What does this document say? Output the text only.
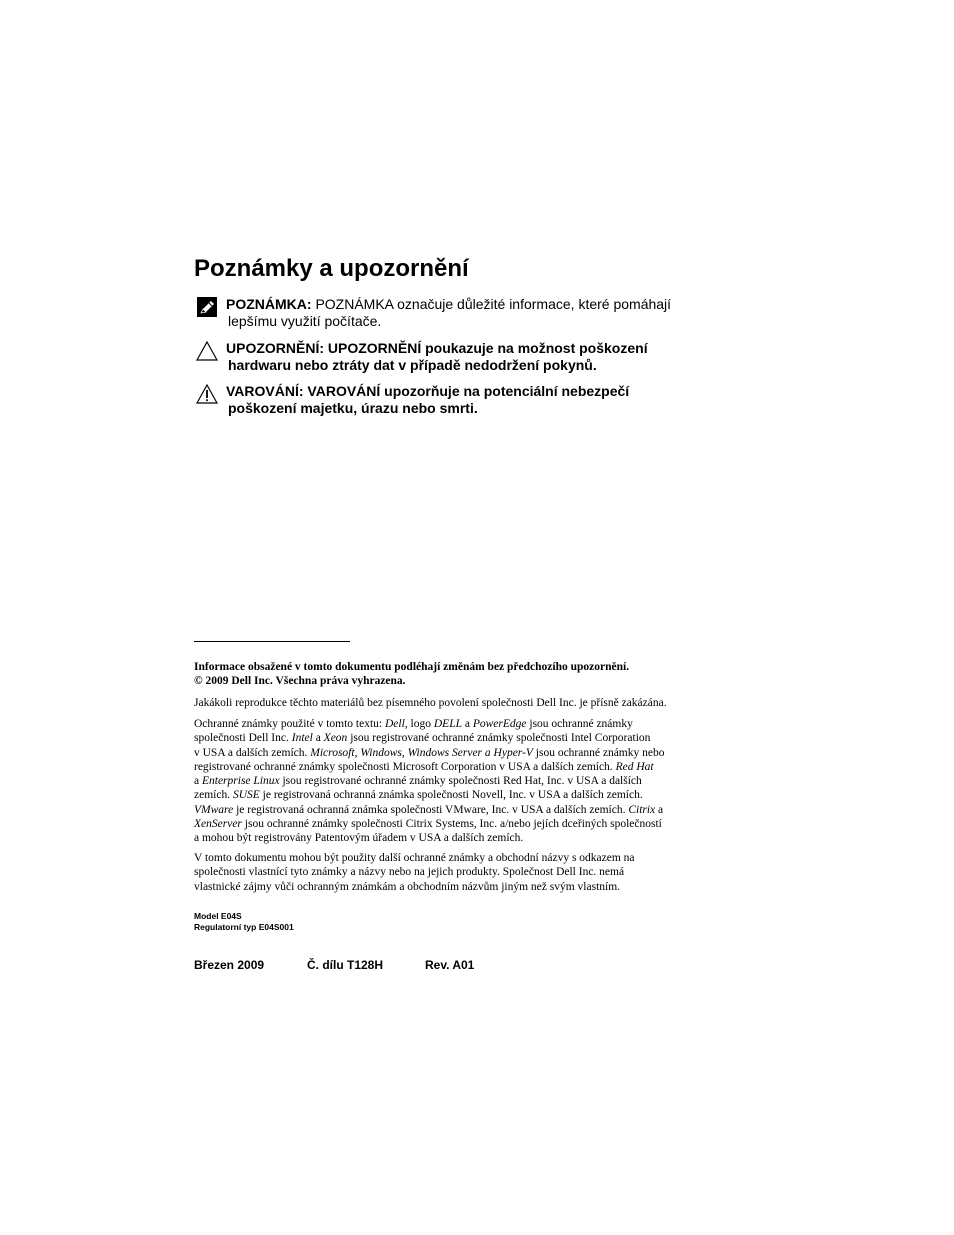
Poznámky a upozornění
POZNÁMKA: POZNÁMKA označuje důležité informace, které pomáhají
lepšímu využití počítače.
UPOZORNĚNÍ: UPOZORNĚNÍ poukazuje na možnost poškození
hardwaru nebo ztráty dat v případě nedodržení pokynů.
VAROVÁNÍ: VAROVÁNÍ upozorňuje na potenciální nebezpečí
poškození majetku, úrazu nebo smrti.
Informace obsažené v tomto dokumentu podléhají změnám bez předchozího upozornění.
© 2009 Dell Inc. Všechna práva vyhrazena.
Jakákoli reprodukce těchto materiálů bez písemného povolení společnosti Dell Inc. je přísně zakázána.
Ochranné známky použité v tomto textu: Dell, logo DELL a PowerEdge jsou ochranné známky
společnosti Dell Inc. Intel a Xeon jsou registrované ochranné známky společnosti Intel Corporation
v USA a dalších zemích. Microsoft, Windows, Windows Server a Hyper-V jsou ochranné známky nebo
registrované ochranné známky společnosti Microsoft Corporation v USA a dalších zemích. Red Hat
a Enterprise Linux jsou registrované ochranné známky společnosti Red Hat, Inc. v USA a dalších
zemích. SUSE je registrovaná ochranná známka společnosti Novell, Inc. v USA a dalších zemích.
VMware je registrovaná ochranná známka společnosti VMware, Inc. v USA a dalších zemích. Citrix a
XenServer jsou ochranné známky společnosti Citrix Systems, Inc. a/nebo jejích dceřiných společností
a mohou být registrovány Patentovým úřadem v USA a dalších zemích.
V tomto dokumentu mohou být použity další ochranné známky a obchodní názvy s odkazem na
společnosti vlastnící tyto známky a názvy nebo na jejich produkty. Společnost Dell Inc. nemá
vlastnické zájmy vůči ochranným známkám a obchodním názvům jiným než svým vlastním.
Model E04S
Regulatorní typ E04S001
Březen 2009	Č. dílu T128H	Rev. A01
